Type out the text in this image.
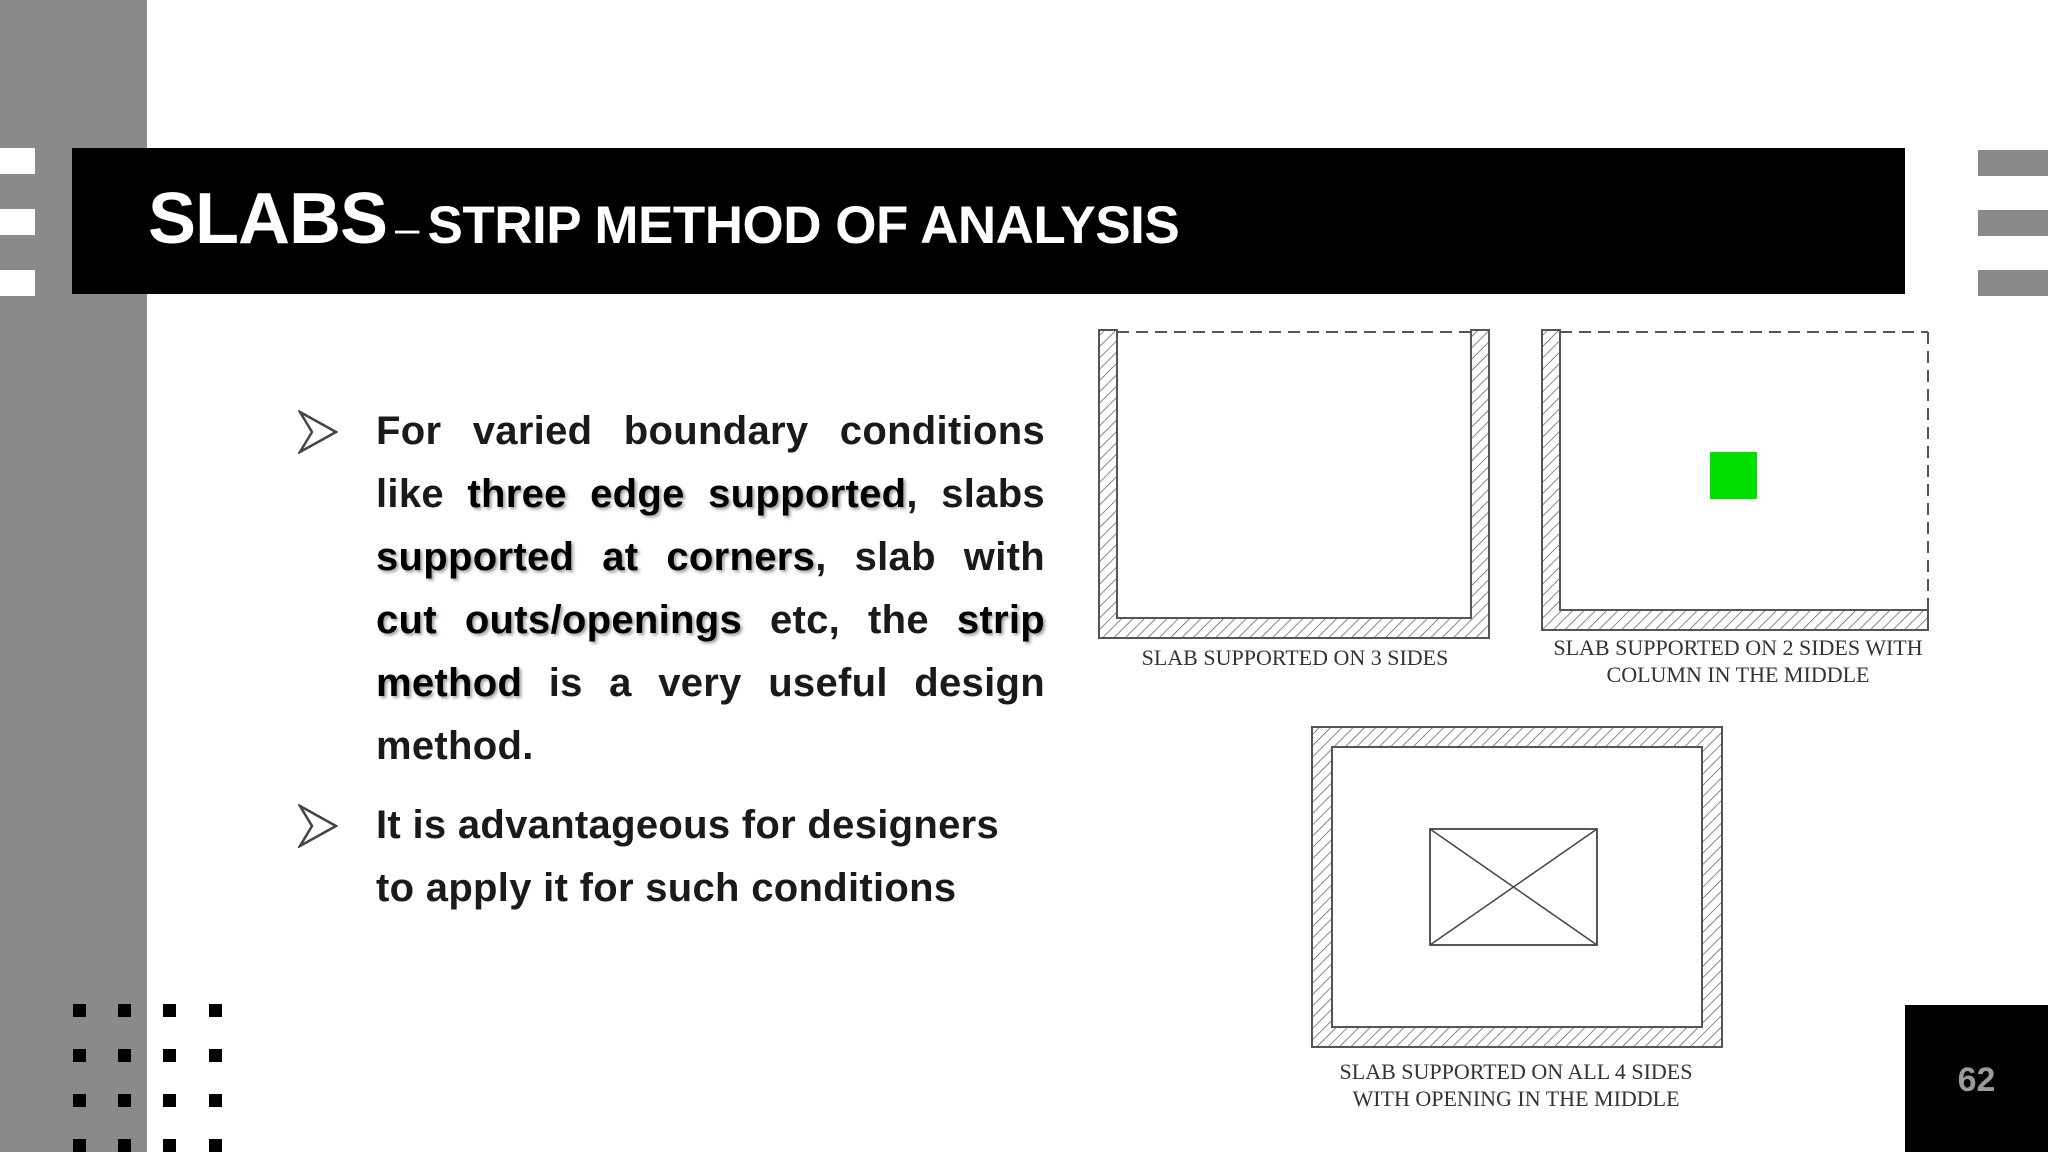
SLABS – STRIP METHOD OF ANALYSIS
For varied boundary conditions like three edge supported, slabs supported at corners, slab with cut outs/openings etc, the strip method is a very useful design method.
It is advantageous for designers to apply it for such conditions
SLAB SUPPORTED ON 3 SIDES	SLAB SUPPORTED ON 2 SIDES WITH
COLUMN IN THE MIDDLE
SLAB SUPPORTED ON ALL 4 SIDES
WITH OPENING IN THE MIDDLE	62
